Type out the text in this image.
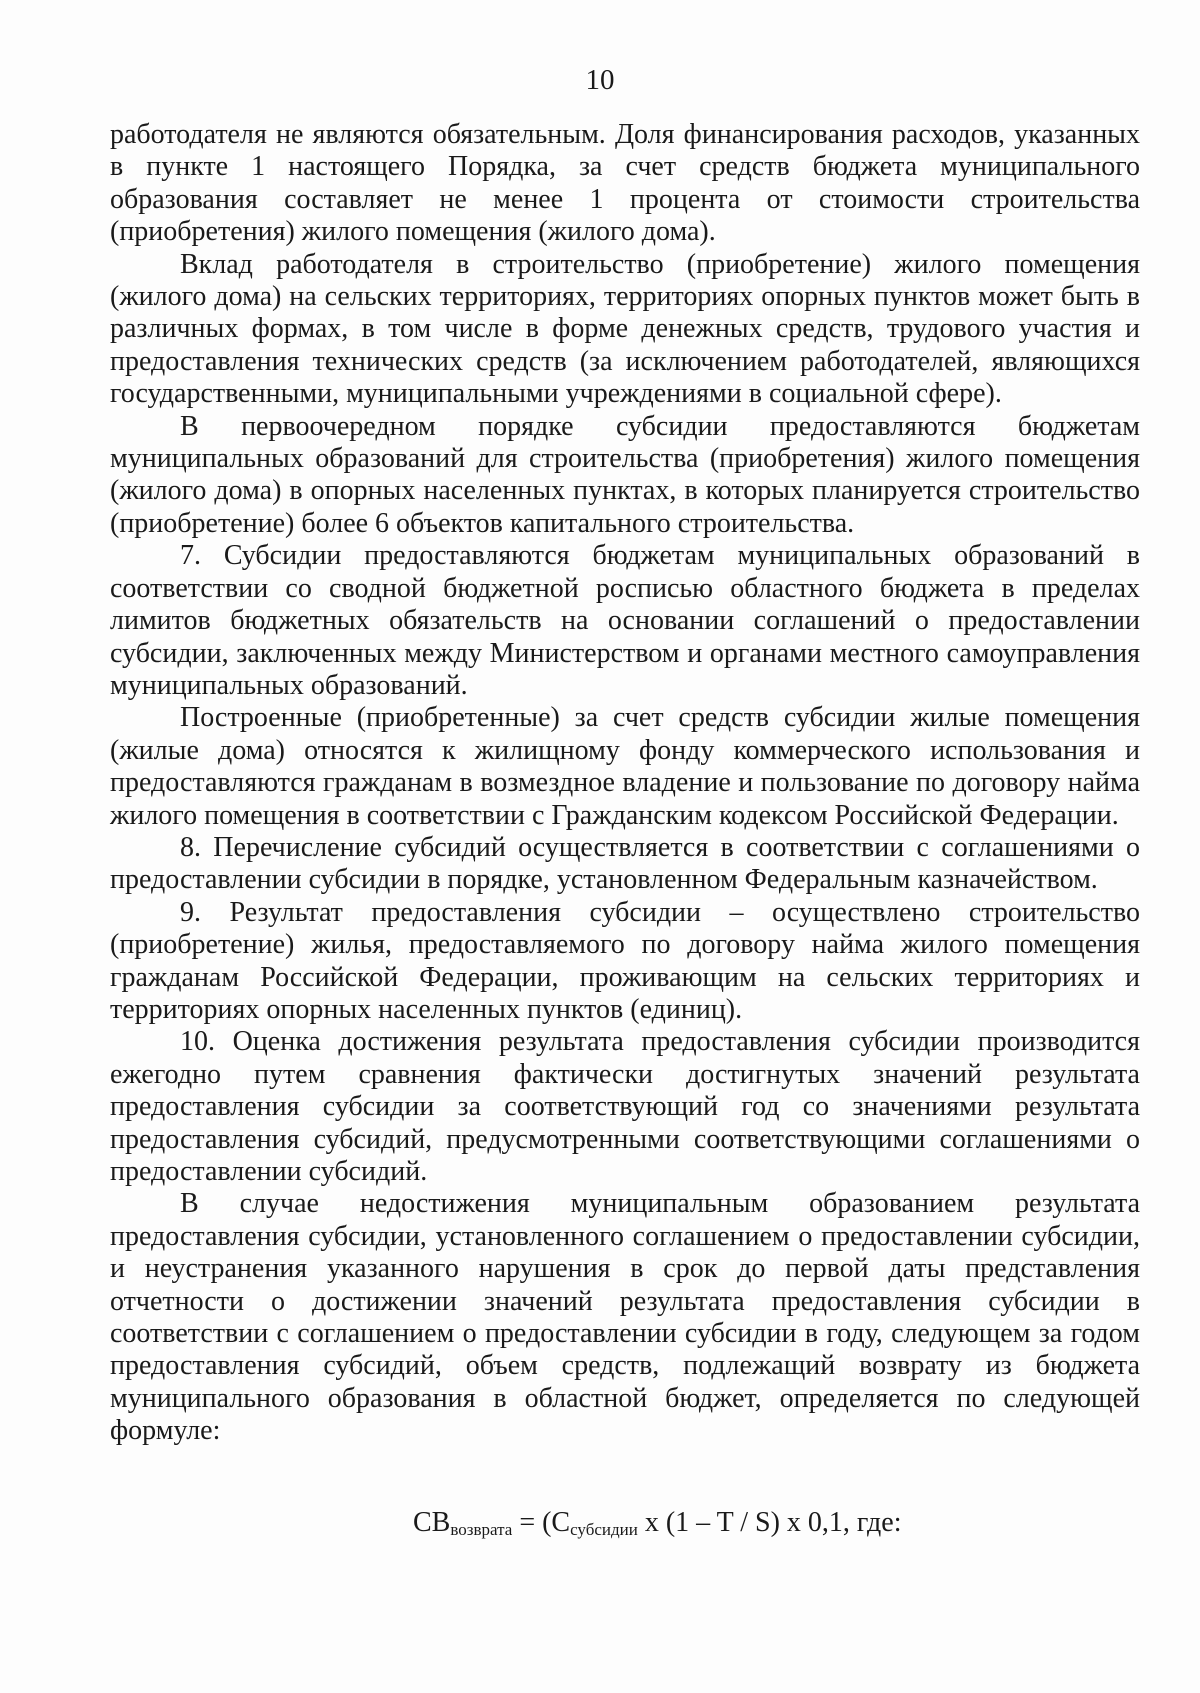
10

работодателя не являются обязательным. Доля финансирования расходов, указанных в пункте 1 настоящего Порядка, за счет средств бюджета муниципального образования составляет не менее 1 процента от стоимости строительства (приобретения) жилого помещения (жилого дома).

Вклад работодателя в строительство (приобретение) жилого помещения (жилого дома) на сельских территориях, территориях опорных пунктов может быть в различных формах, в том числе в форме денежных средств, трудового участия и предоставления технических средств (за исключением работодателей, являющихся государственными, муниципальными учреждениями в социальной сфере).

В первоочередном порядке субсидии предоставляются бюджетам муниципальных образований для строительства (приобретения) жилого помещения (жилого дома) в опорных населенных пунктах, в которых планируется строительство (приобретение) более 6 объектов капитального строительства.

7. Субсидии предоставляются бюджетам муниципальных образований в соответствии со сводной бюджетной росписью областного бюджета в пределах лимитов бюджетных обязательств на основании соглашений о предоставлении субсидии, заключенных между Министерством и органами местного самоуправления муниципальных образований.

Построенные (приобретенные) за счет средств субсидии жилые помещения (жилые дома) относятся к жилищному фонду коммерческого использования и предоставляются гражданам в возмездное владение и пользование по договору найма жилого помещения в соответствии с Гражданским кодексом Российской Федерации.

8. Перечисление субсидий осуществляется в соответствии с соглашениями о предоставлении субсидии в порядке, установленном Федеральным казначейством.

9. Результат предоставления субсидии – осуществлено строительство (приобретение) жилья, предоставляемого по договору найма жилого помещения гражданам Российской Федерации, проживающим на сельских территориях и территориях опорных населенных пунктов (единиц).

10. Оценка достижения результата предоставления субсидии производится ежегодно путем сравнения фактически достигнутых значений результата предоставления субсидии за соответствующий год со значениями результата предоставления субсидий, предусмотренными соответствующими соглашениями о предоставлении субсидий.

В случае недостижения муниципальным образованием результата предоставления субсидии, установленного соглашением о предоставлении субсидии, и неустранения указанного нарушения в срок до первой даты представления отчетности о достижении значений результата предоставления субсидии в соответствии с соглашением о предоставлении субсидии в году, следующем за годом предоставления субсидий, объем средств, подлежащий возврату из бюджета муниципального образования в областной бюджет, определяется по следующей формуле:

$СВ_{возврата} = (С_{субсидии}$ x (1 – T / S) x 0,1, где:
